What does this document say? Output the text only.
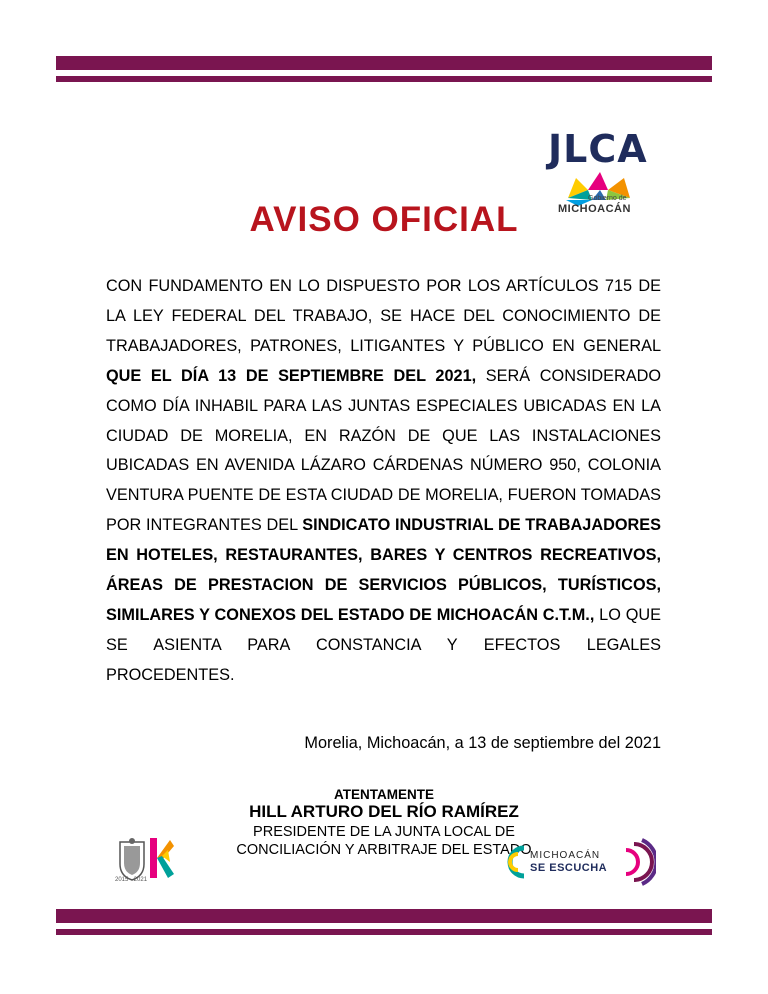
JLCA
Gobierno de
MICHOACÁN
AVISO OFICIAL

CON FUNDAMENTO EN LO DISPUESTO POR LOS ARTÍCULOS 715 DE LA LEY FEDERAL DEL TRABAJO, SE HACE DEL CONOCIMIENTO DE TRABAJADORES, PATRONES, LITIGANTES Y PÚBLICO EN GENERAL QUE EL DÍA 13 DE SEPTIEMBRE DEL 2021, SERÁ CONSIDERADO COMO DÍA INHABIL PARA LAS JUNTAS ESPECIALES UBICADAS EN LA CIUDAD DE MORELIA, EN RAZÓN DE QUE LAS INSTALACIONES UBICADAS EN AVENIDA LÁZARO CÁRDENAS NÚMERO 950, COLONIA VENTURA PUENTE DE ESTA CIUDAD DE MORELIA, FUERON TOMADAS POR INTEGRANTES DEL SINDICATO INDUSTRIAL DE TRABAJADORES EN HOTELES, RESTAURANTES, BARES Y CENTROS RECREATIVOS, ÁREAS DE PRESTACION DE SERVICIOS PÚBLICOS, TURÍSTICOS, SIMILARES Y CONEXOS DEL ESTADO DE MICHOACÁN C.T.M., LO QUE SE ASIENTA PARA CONSTANCIA Y EFECTOS LEGALES PROCEDENTES.

Morelia, Michoacán, a 13 de septiembre del 2021
ATENTAMENTE
HILL ARTURO DEL RÍO RAMÍREZ
PRESIDENTE DE LA JUNTA LOCAL DE
CONCILIACIÓN Y ARBITRAJE DEL ESTADO
2015 - 2021
MICHOACÁN
SE ESCUCHA
